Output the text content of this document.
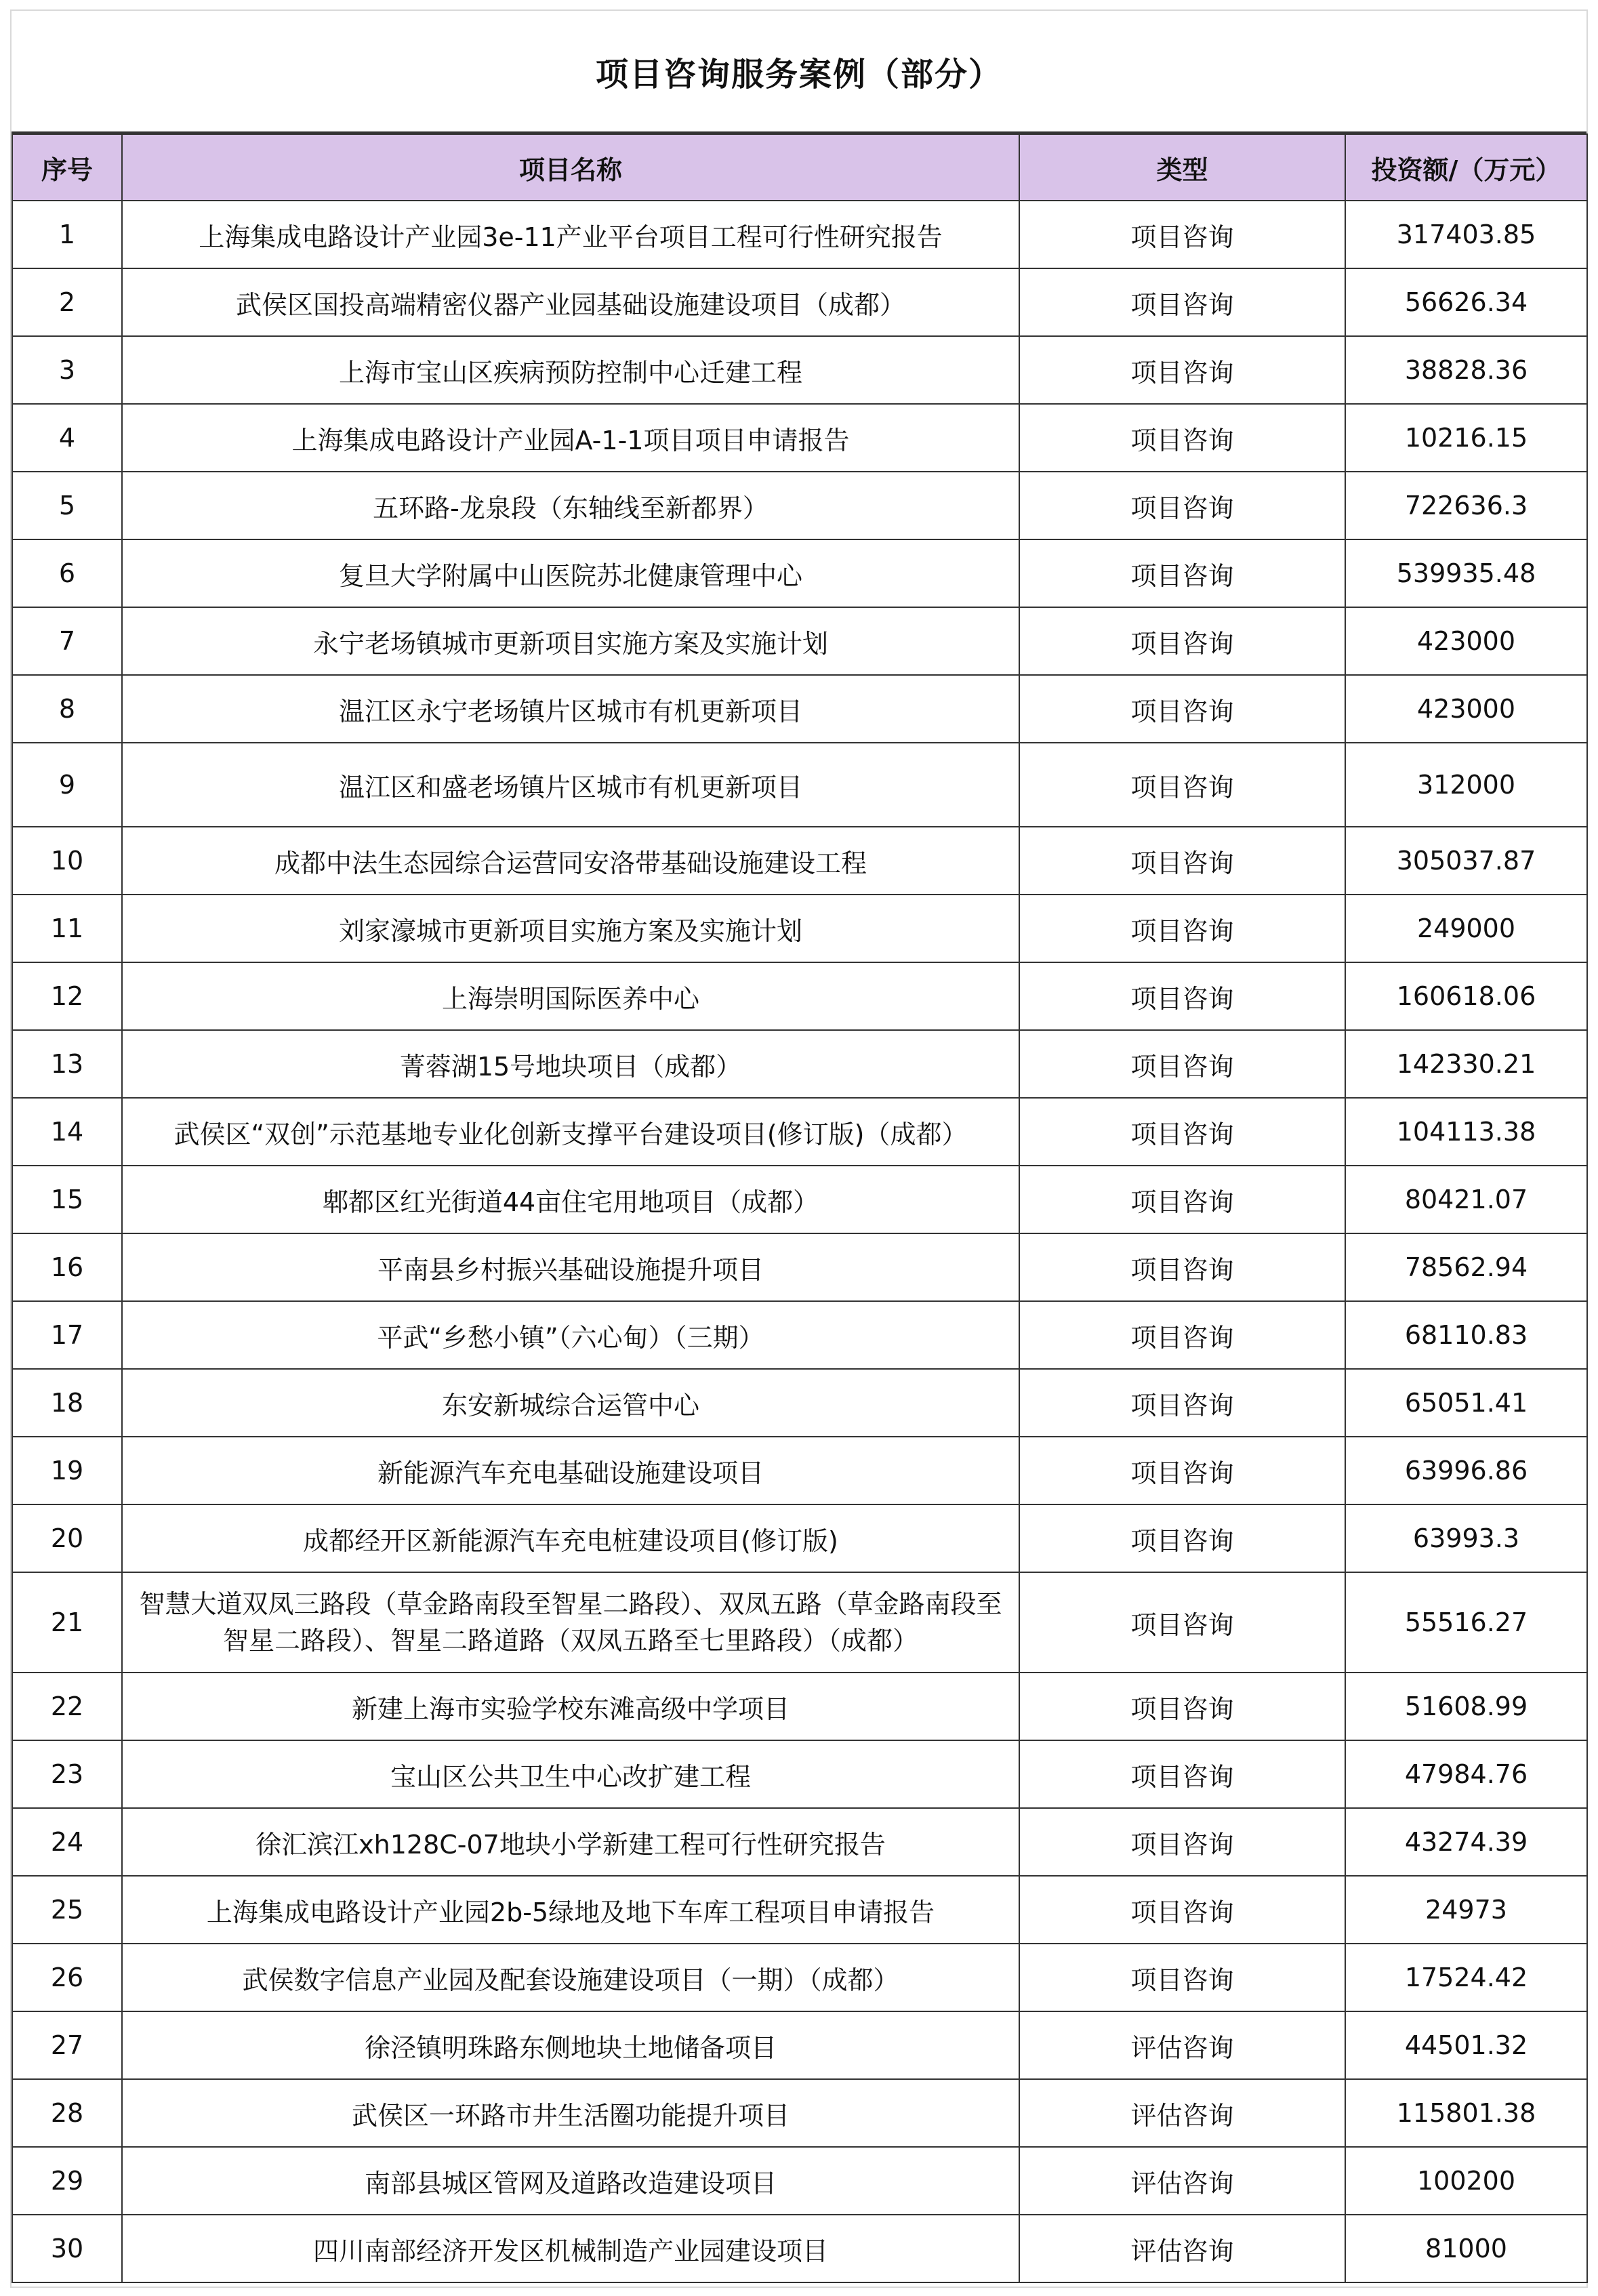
项目咨询服务案例（部分）
序号	项目名称	类型	投资额/（万元）
1	上海集成电路设计产业园3e-11产业平台项目工程可行性研究报告	项目咨询	317403.85
2	武侯区国投高端精密仪器产业园基础设施建设项目（成都）	项目咨询	56626.34
3	上海市宝山区疾病预防控制中心迁建工程	项目咨询	38828.36
4	上海集成电路设计产业园A-1-1项目项目申请报告	项目咨询	10216.15
5	五环路-龙泉段（东轴线至新都界）	项目咨询	722636.3
6	复旦大学附属中山医院苏北健康管理中心	项目咨询	539935.48
7	永宁老场镇城市更新项目实施方案及实施计划	项目咨询	423000
8	温江区永宁老场镇片区城市有机更新项目	项目咨询	423000
9	温江区和盛老场镇片区城市有机更新项目	项目咨询	312000
10	成都中法生态园综合运营同安洛带基础设施建设工程	项目咨询	305037.87
11	刘家濠城市更新项目实施方案及实施计划	项目咨询	249000
12	上海崇明国际医养中心	项目咨询	160618.06
13	菁蓉湖15号地块项目（成都）	项目咨询	142330.21
14	武侯区“双创”示范基地专业化创新支撑平台建设项目(修订版)（成都）	项目咨询	104113.38
15	郫都区红光街道44亩住宅用地项目（成都）	项目咨询	80421.07
16	平南县乡村振兴基础设施提升项目	项目咨询	78562.94
17	平武“乡愁小镇”（六心甸）（三期）	项目咨询	68110.83
18	东安新城综合运管中心	项目咨询	65051.41
19	新能源汽车充电基础设施建设项目	项目咨询	63996.86
20	成都经开区新能源汽车充电桩建设项目(修订版)	项目咨询	63993.3
21	智慧大道双凤三路段（草金路南段至智星二路段）、双凤五路（草金路南段至智星二路段）、智星二路道路（双凤五路至七里路段）（成都）	项目咨询	55516.27
22	新建上海市实验学校东滩高级中学项目	项目咨询	51608.99
23	宝山区公共卫生中心改扩建工程	项目咨询	47984.76
24	徐汇滨江xh128C-07地块小学新建工程可行性研究报告	项目咨询	43274.39
25	上海集成电路设计产业园2b-5绿地及地下车库工程项目申请报告	项目咨询	24973
26	武侯数字信息产业园及配套设施建设项目（一期）（成都）	项目咨询	17524.42
27	徐泾镇明珠路东侧地块土地储备项目	评估咨询	44501.32
28	武侯区一环路市井生活圈功能提升项目	评估咨询	115801.38
29	南部县城区管网及道路改造建设项目	评估咨询	100200
30	四川南部经济开发区机械制造产业园建设项目	评估咨询	81000
